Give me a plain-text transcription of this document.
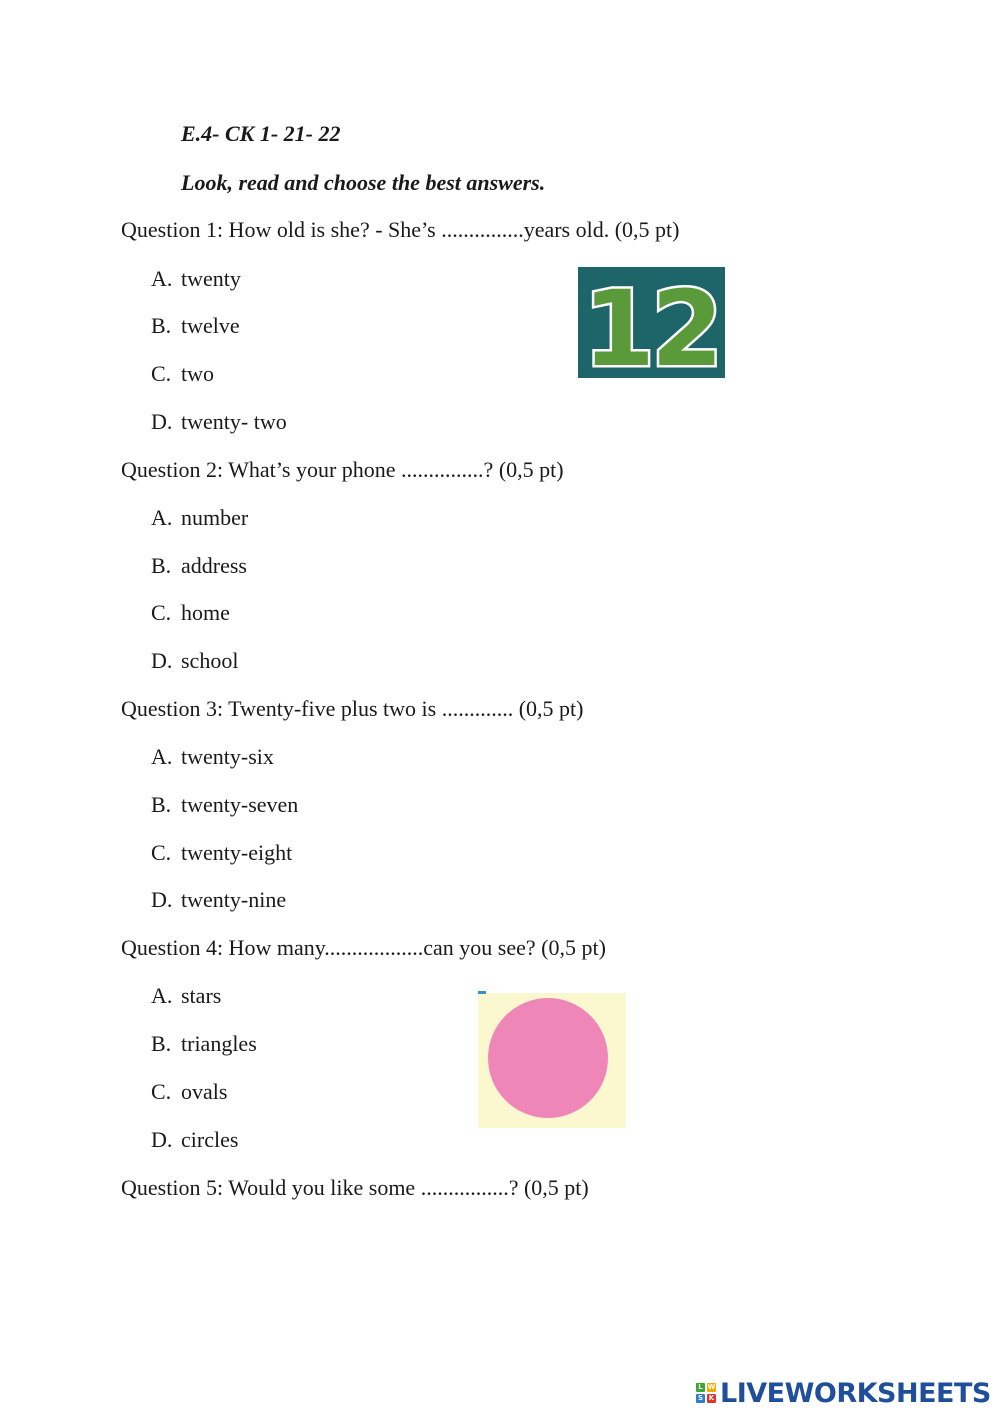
E.4- CK 1- 21- 22
Look, read and choose the best answers.
Question 1: How old is she? - She’s ...............years old. (0,5 pt)
A. twenty
B. twelve
C. two
D. twenty- two
12
Question 2: What’s your phone ...............? (0,5 pt)
A. number
B. address
C. home
D. school
Question 3: Twenty-five plus two is ............. (0,5 pt)
A. twenty-six
B. twenty-seven
C. twenty-eight
D. twenty-nine
Question 4: How many..................can you see? (0,5 pt)
A. stars
B. triangles
C. ovals
D. circles
Question 5: Would you like some ................? (0,5 pt)
L W
S K LIVEWORKSHEETS
